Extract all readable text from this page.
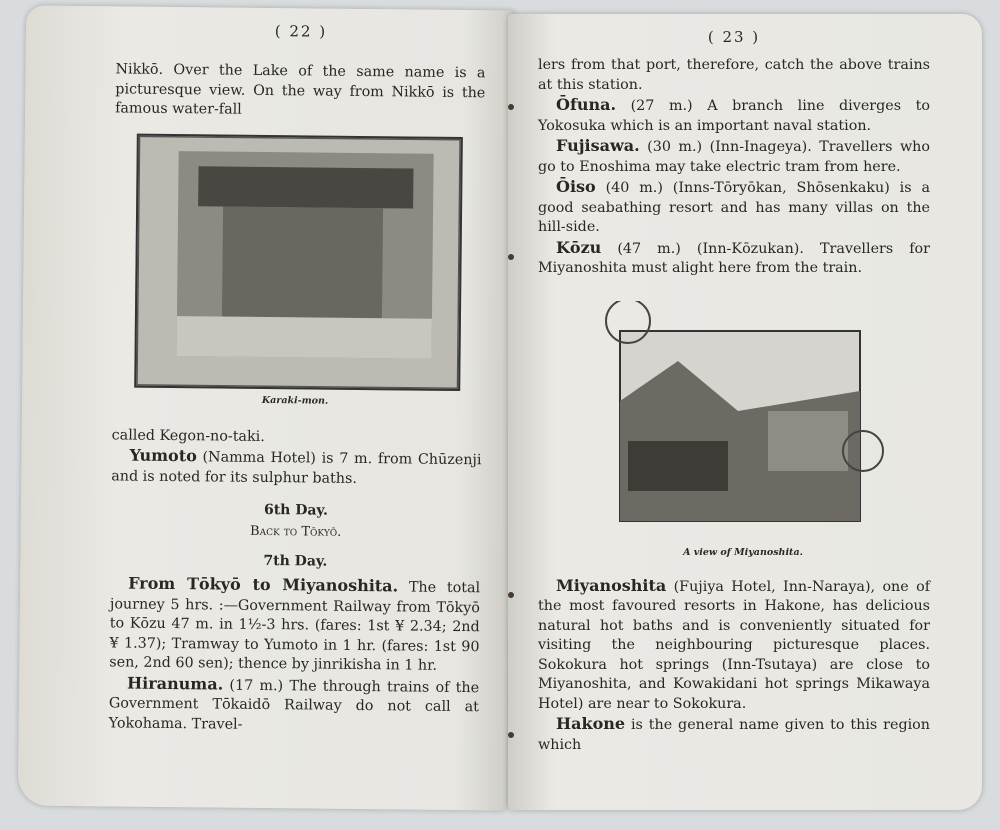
( 22 )

Nikkō. Over the Lake of the same name is a picturesque view. On the way from Nikkō is the famous water-fall

Karaki-mon.

called Kegon-no-taki.

Yumoto (Namma Hotel) is 7 m. from Chūzenji and is noted for its sulphur baths.

6th Day.
Back to Tōkyō.
7th Day.

From Tōkyō to Miyanoshita. The total journey 5 hrs. :—Government Railway from Tōkyō to Kōzu 47 m. in 1½-3 hrs. (fares: 1st ¥ 2.34; 2nd ¥ 1.37); Tramway to Yumoto in 1 hr. (fares: 1st 90 sen, 2nd 60 sen); thence by jinrikisha in 1 hr.

Hiranuma. (17 m.) The through trains of the Government Tōkaidō Railway do not call at Yokohama. Travel-

( 23 )

lers from that port, therefore, catch the above trains at this station.

Ōfuna. (27 m.) A branch line diverges to Yokosuka which is an important naval station.

Fujisawa. (30 m.) (Inn-Inageya). Travellers who go to Enoshima may take electric tram from here.

Ōiso (40 m.) (Inns-Tōryōkan, Shōsenkaku) is a good seabathing resort and has many villas on the hill-side.

Kōzu (47 m.) (Inn-Kōzukan). Travellers for Miyanoshita must alight here from the train.

A view of Miyanoshita.

Miyanoshita (Fujiya Hotel, Inn-Naraya), one of the most favoured resorts in Hakone, has delicious natural hot baths and is conveniently situated for visiting the neighbouring picturesque places. Sokokura hot springs (Inn-Tsutaya) are close to Miyanoshita, and Kowakidani hot springs Mikawaya Hotel) are near to Sokokura.

Hakone is the general name given to this region which
